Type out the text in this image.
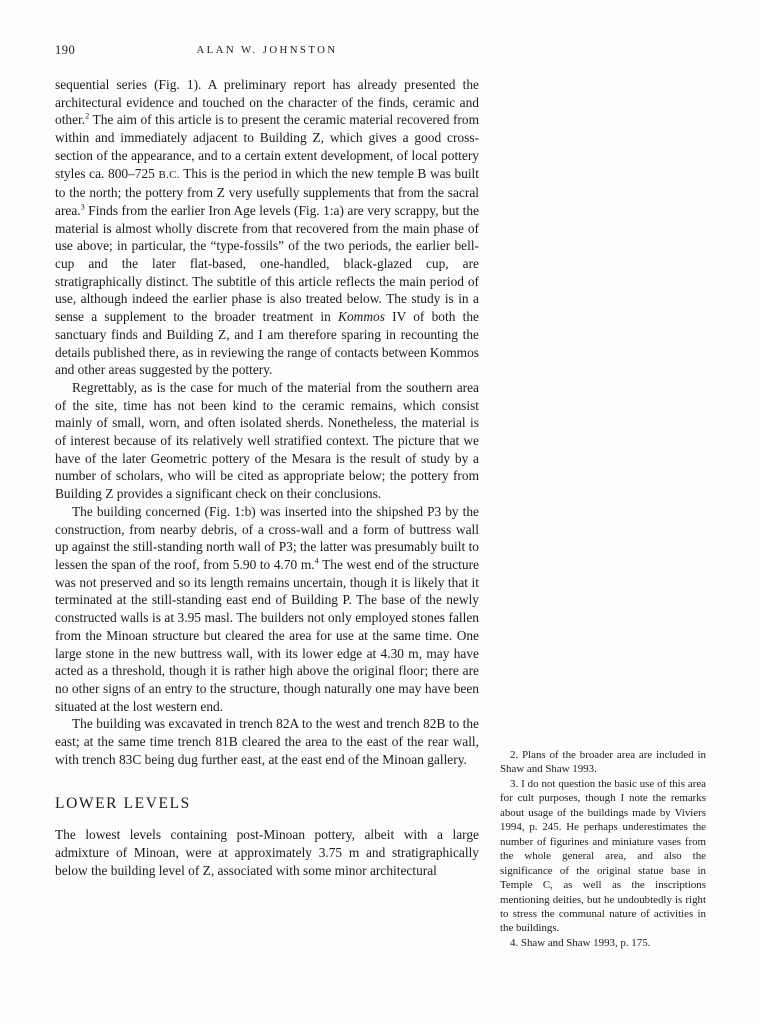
190	ALAN W. JOHNSTON

sequential series (Fig. 1). A preliminary report has already presented the architectural evidence and touched on the character of the finds, ceramic and other.$^2$ The aim of this article is to present the ceramic material recovered from within and immediately adjacent to Building Z, which gives a good cross-section of the appearance, and to a certain extent development, of local pottery styles ca. 800–725 B.C. This is the period in which the new temple B was built to the north; the pottery from Z very usefully supplements that from the sacral area.$^3$ Finds from the earlier Iron Age levels (Fig. 1:a) are very scrappy, but the material is almost wholly discrete from that recovered from the main phase of use above; in particular, the “type-fossils” of the two periods, the earlier bell-cup and the later flat-based, one-handled, black-glazed cup, are stratigraphically distinct. The subtitle of this article reflects the main period of use, although indeed the earlier phase is also treated below. The study is in a sense a supplement to the broader treatment in Kommos IV of both the sanctuary finds and Building Z, and I am therefore sparing in recounting the details published there, as in reviewing the range of contacts between Kommos and other areas suggested by the pottery.

Regrettably, as is the case for much of the material from the southern area of the site, time has not been kind to the ceramic remains, which consist mainly of small, worn, and often isolated sherds. Nonetheless, the material is of interest because of its relatively well stratified context. The picture that we have of the later Geometric pottery of the Mesara is the result of study by a number of scholars, who will be cited as appropriate below; the pottery from Building Z provides a significant check on their conclusions.

The building concerned (Fig. 1:b) was inserted into the shipshed P3 by the construction, from nearby debris, of a cross-wall and a form of buttress wall up against the still-standing north wall of P3; the latter was presumably built to lessen the span of the roof, from 5.90 to 4.70 m.$^4$ The west end of the structure was not preserved and so its length remains uncertain, though it is likely that it terminated at the still-standing east end of Building P. The base of the newly constructed walls is at 3.95 masl. The builders not only employed stones fallen from the Minoan structure but cleared the area for use at the same time. One large stone in the new buttress wall, with its lower edge at 4.30 m, may have acted as a threshold, though it is rather high above the original floor; there are no other signs of an entry to the structure, though naturally one may have been situated at the lost western end.

The building was excavated in trench 82A to the west and trench 82B to the east; at the same time trench 81B cleared the area to the east of the rear wall, with trench 83C being dug further east, at the east end of the Minoan gallery.

LOWER LEVELS

The lowest levels containing post-Minoan pottery, albeit with a large admixture of Minoan, were at approximately 3.75 m and stratigraphically below the building level of Z, associated with some minor architectural

2. Plans of the broader area are included in Shaw and Shaw 1993.

3. I do not question the basic use of this area for cult purposes, though I note the remarks about usage of the buildings made by Viviers 1994, p. 245. He perhaps underestimates the number of figurines and miniature vases from the whole general area, and also the significance of the original statue base in Temple C, as well as the inscriptions mentioning deities, but he undoubtedly is right to stress the communal nature of activities in the buildings.

4. Shaw and Shaw 1993, p. 175.
